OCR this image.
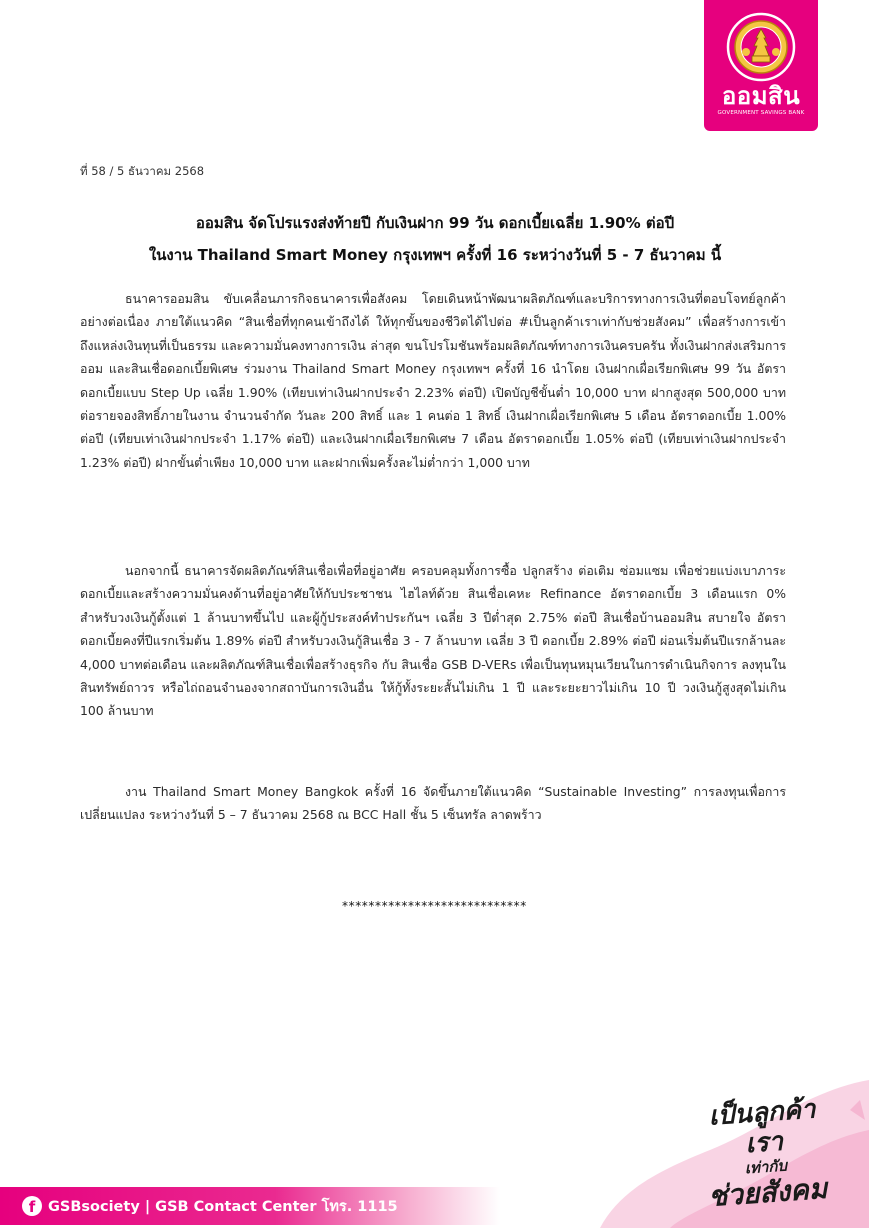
ออมสิน
GOVERNMENT SAVINGS BANK
ที่ 58 / 5 ธันวาคม 2568
ออมสิน จัดโปรแรงส่งท้ายปี กับเงินฝาก 99 วัน ดอกเบี้ยเฉลี่ย 1.90% ต่อปี
ในงาน Thailand Smart Money กรุงเทพฯ ครั้งที่ 16 ระหว่างวันที่ 5 - 7 ธันวาคม นี้

ธนาคารออมสิน ขับเคลื่อนภารกิจธนาคารเพื่อสังคม โดยเดินหน้าพัฒนาผลิตภัณฑ์และบริการทางการเงินที่ตอบโจทย์ลูกค้าอย่างต่อเนื่อง ภายใต้แนวคิด “สินเชื่อที่ทุกคนเข้าถึงได้ ให้ทุกขั้นของชีวิตได้ไปต่อ #เป็นลูกค้าเราเท่ากับช่วยสังคม” เพื่อสร้างการเข้าถึงแหล่งเงินทุนที่เป็นธรรม และความมั่นคงทางการเงิน ล่าสุด ขนโปรโมชันพร้อมผลิตภัณฑ์ทางการเงินครบครัน ทั้งเงินฝากส่งเสริมการออม และสินเชื่อดอกเบี้ยพิเศษ ร่วมงาน Thailand Smart Money กรุงเทพฯ ครั้งที่ 16 นำโดย เงินฝากเผื่อเรียกพิเศษ 99 วัน อัตราดอกเบี้ยแบบ Step Up เฉลี่ย 1.90% (เทียบเท่าเงินฝากประจำ 2.23% ต่อปี) เปิดบัญชีขั้นต่ำ 10,000 บาท ฝากสูงสุด 500,000 บาทต่อรายจองสิทธิ์ภายในงาน จำนวนจำกัด วันละ 200 สิทธิ์ และ 1 คนต่อ 1 สิทธิ์ เงินฝากเผื่อเรียกพิเศษ 5 เดือน อัตราดอกเบี้ย 1.00% ต่อปี (เทียบเท่าเงินฝากประจำ 1.17% ต่อปี) และเงินฝากเผื่อเรียกพิเศษ 7 เดือน อัตราดอกเบี้ย 1.05% ต่อปี (เทียบเท่าเงินฝากประจำ 1.23% ต่อปี) ฝากขั้นต่ำเพียง 10,000 บาท และฝากเพิ่มครั้งละไม่ต่ำกว่า 1,000 บาท

นอกจากนี้ ธนาคารจัดผลิตภัณฑ์สินเชื่อเพื่อที่อยู่อาศัย ครอบคลุมทั้งการซื้อ ปลูกสร้าง ต่อเติม ซ่อมแซม เพื่อช่วยแบ่งเบาภาระดอกเบี้ยและสร้างความมั่นคงด้านที่อยู่อาศัยให้กับประชาชน ไฮไลท์ด้วย สินเชื่อเคหะ Refinance อัตราดอกเบี้ย 3 เดือนแรก 0% สำหรับวงเงินกู้ตั้งแต่ 1 ล้านบาทขึ้นไป และผู้กู้ประสงค์ทำประกันฯ เฉลี่ย 3 ปีต่ำสุด 2.75% ต่อปี สินเชื่อบ้านออมสิน สบายใจ อัตราดอกเบี้ยคงที่ปีแรกเริ่มต้น 1.89% ต่อปี สำหรับวงเงินกู้สินเชื่อ 3 - 7 ล้านบาท เฉลี่ย 3 ปี ดอกเบี้ย 2.89% ต่อปี ผ่อนเริ่มต้นปีแรกล้านละ 4,000 บาทต่อเดือน และผลิตภัณฑ์สินเชื่อเพื่อสร้างธุรกิจ กับ สินเชื่อ GSB D-VERs เพื่อเป็นทุนหมุนเวียนในการดำเนินกิจการ ลงทุนในสินทรัพย์ถาวร หรือไถ่ถอนจำนองจากสถาบันการเงินอื่น ให้กู้ทั้งระยะสั้นไม่เกิน 1 ปี และระยะยาวไม่เกิน 10 ปี วงเงินกู้สูงสุดไม่เกิน 100 ล้านบาท

งาน Thailand Smart Money Bangkok ครั้งที่ 16 จัดขึ้นภายใต้แนวคิด “Sustainable Investing” การลงทุนเพื่อการเปลี่ยนแปลง ระหว่างวันที่ 5 – 7 ธันวาคม 2568 ณ BCC Hall ชั้น 5 เซ็นทรัล ลาดพร้าว

****************************
เป็นลูกค้าเรา
เท่ากับ
ช่วยสังคม
f GSBsociety | GSB Contact Center โทร. 1115
